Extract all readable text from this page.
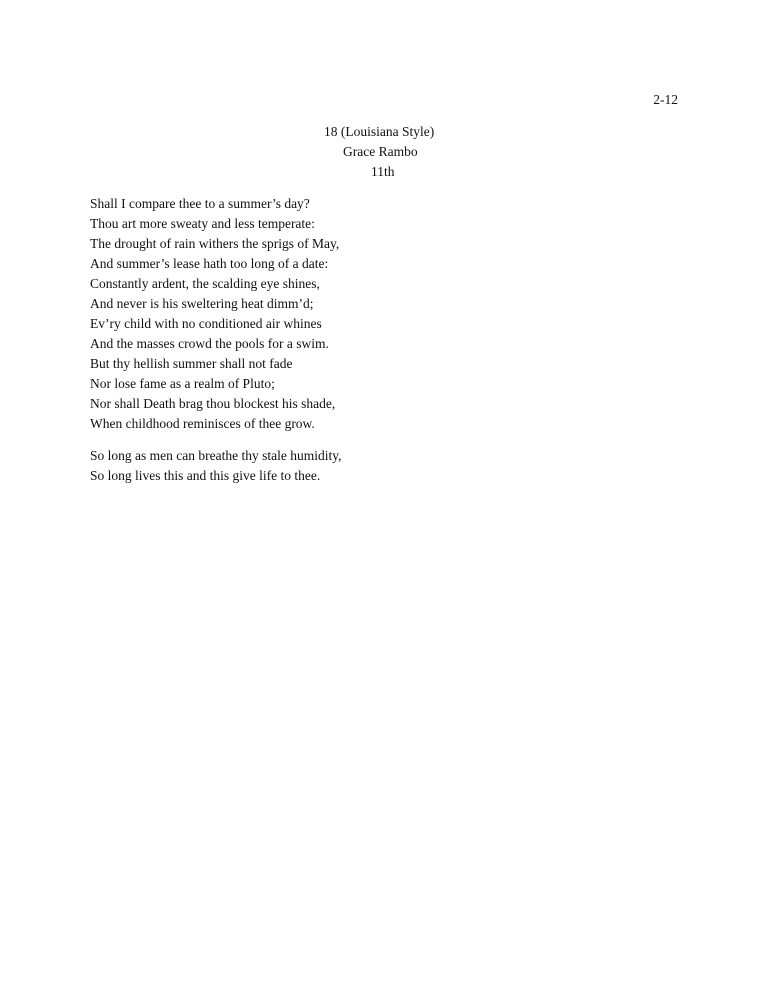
2-12
18 (Louisiana Style)
Grace Rambo
11th
Shall I compare thee to a summer’s day?
Thou art more sweaty and less temperate:
The drought of rain withers the sprigs of May,
And summer’s lease hath too long of a date:
Constantly ardent, the scalding eye shines,
And never is his sweltering heat dimm’d;
Ev’ry child with no conditioned air whines
And the masses crowd the pools for a swim.
But thy hellish summer shall not fade
Nor lose fame as a realm of Pluto;
Nor shall Death brag thou blockest his shade,
When childhood reminisces of thee grow.
So long as men can breathe thy stale humidity,
So long lives this and this give life to thee.
